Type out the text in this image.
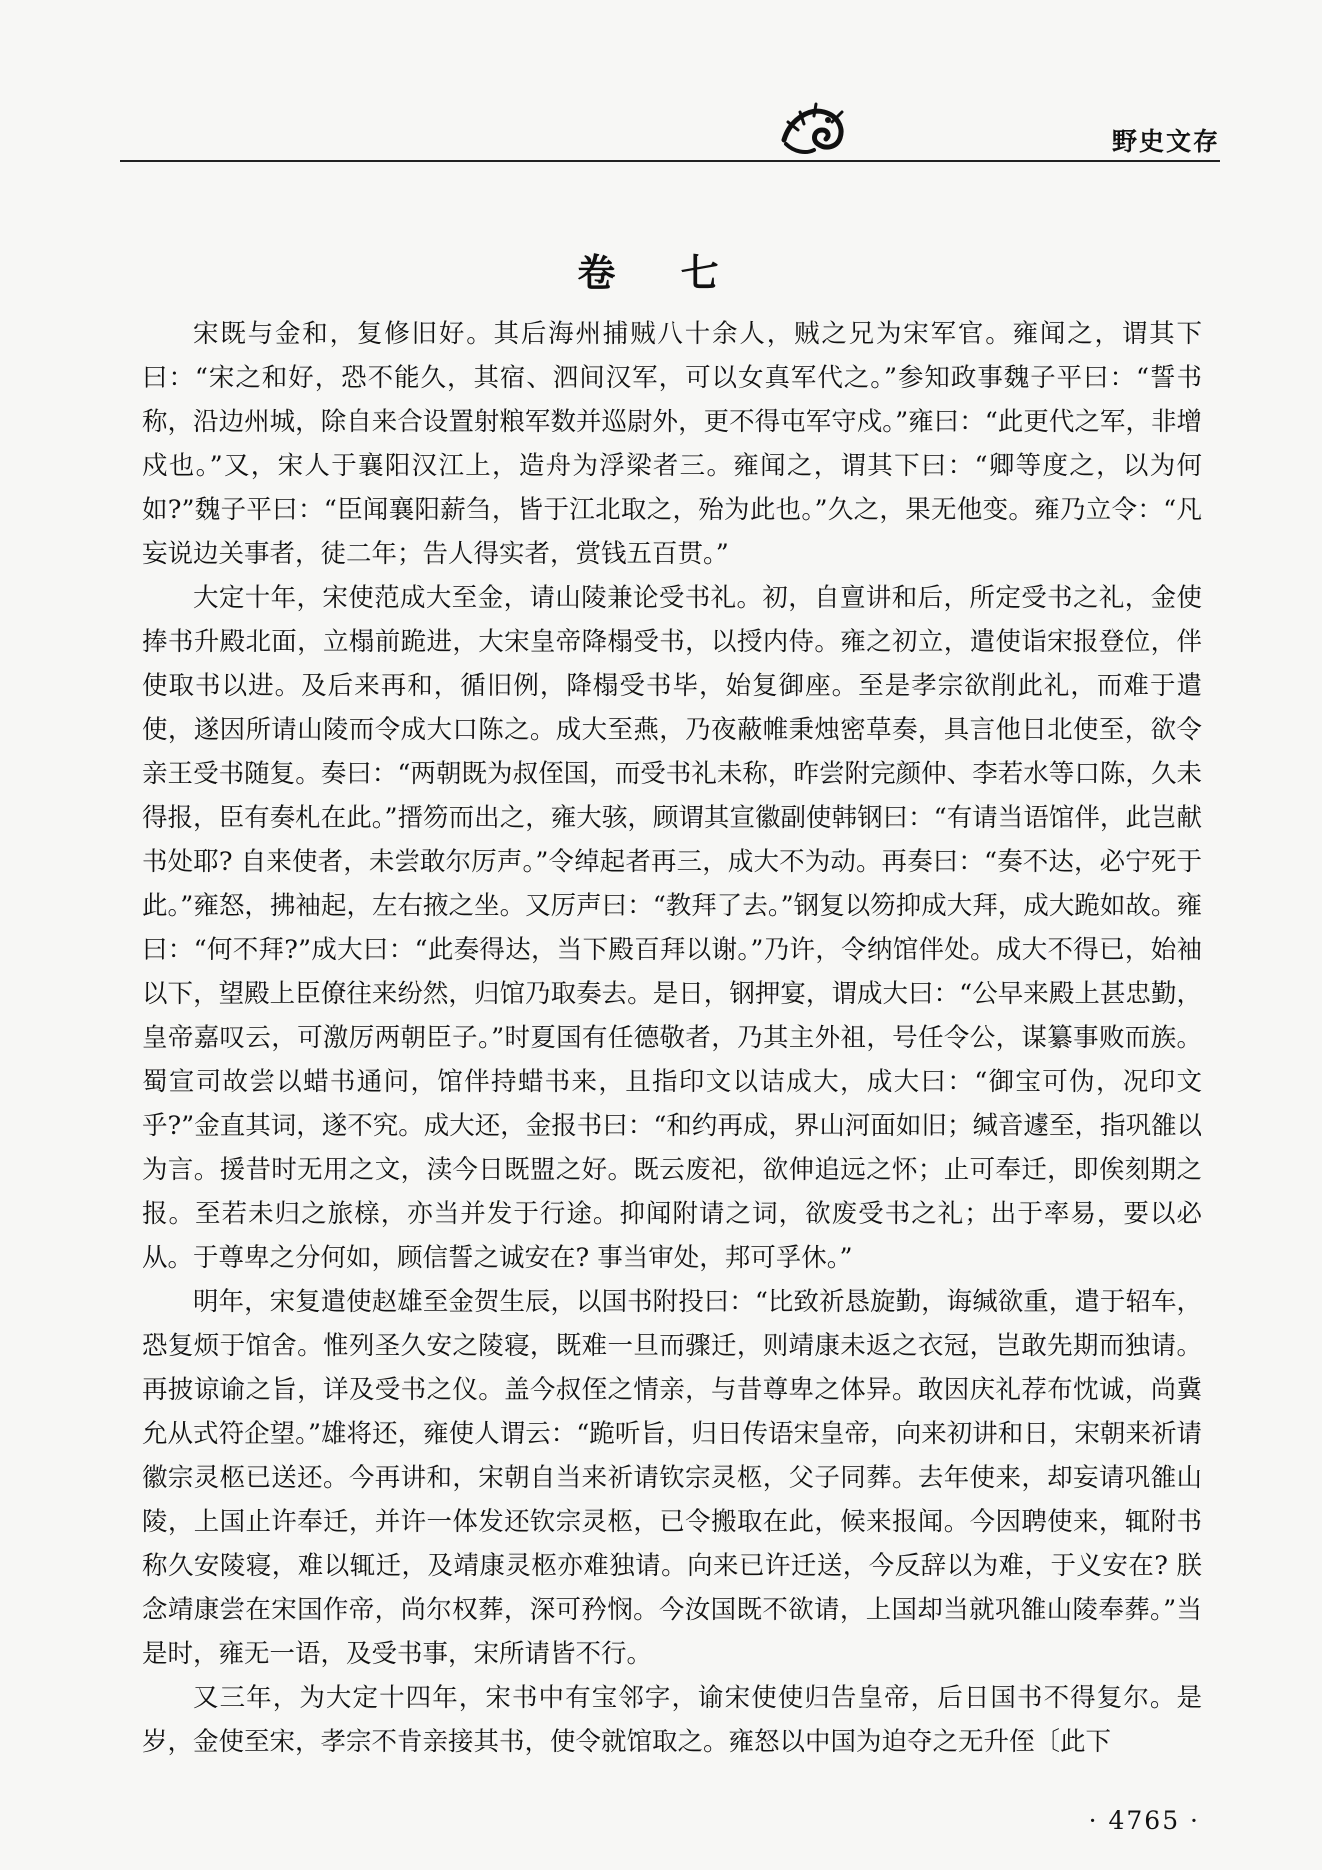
野史文存
卷 七

宋既与金和，复修旧好。其后海州捕贼八十余人，贼之兄为宋军官。雍闻之，谓其下曰：“宋之和好，恐不能久，其宿、泗间汉军，可以女真军代之。”参知政事魏子平曰：“誓书称，沿边州城，除自来合设置射粮军数并巡尉外，更不得屯军守戍。”雍曰：“此更代之军，非增戍也。”又，宋人于襄阳汉江上，造舟为浮梁者三。雍闻之，谓其下曰：“卿等度之，以为何如?”魏子平曰：“臣闻襄阳薪刍，皆于江北取之，殆为此也。”久之，果无他变。雍乃立令：“凡妄说边关事者，徒二年；告人得实者，赏钱五百贯。”

大定十年，宋使范成大至金，请山陵兼论受书礼。初，自亶讲和后，所定受书之礼，金使捧书升殿北面，立榻前跪进，大宋皇帝降榻受书，以授内侍。雍之初立，遣使诣宋报登位，伴使取书以进。及后来再和，循旧例，降榻受书毕，始复御座。至是孝宗欲削此礼，而难于遣使，遂因所请山陵而令成大口陈之。成大至燕，乃夜蔽帷秉烛密草奏，具言他日北使至，欲令亲王受书随复。奏曰：“两朝既为叔侄国，而受书礼未称，昨尝附完颜仲、李若水等口陈，久未得报，臣有奏札在此。”搢笏而出之，雍大骇，顾谓其宣徽副使韩钢曰：“有请当语馆伴，此岂献书处耶? 自来使者，未尝敢尔厉声。”令绰起者再三，成大不为动。再奏曰：“奏不达，必宁死于此。”雍怒，拂袖起，左右掖之坐。又厉声曰：“教拜了去。”钢复以笏抑成大拜，成大跪如故。雍曰：“何不拜?”成大曰：“此奏得达，当下殿百拜以谢。”乃许，令纳馆伴处。成大不得已，始袖以下，望殿上臣僚往来纷然，归馆乃取奏去。是日，钢押宴，谓成大曰：“公早来殿上甚忠勤，皇帝嘉叹云，可激厉两朝臣子。”时夏国有任德敬者，乃其主外祖，号任令公，谋纂事败而族。蜀宣司故尝以蜡书通问，馆伴持蜡书来，且指印文以诘成大，成大曰：“御宝可伪，况印文乎?”金直其词，遂不究。成大还，金报书曰：“和约再成，界山河面如旧；缄音遽至，指巩雒以为言。援昔时无用之文，渎今日既盟之好。既云废祀，欲伸追远之怀；止可奉迁，即俟刻期之报。至若未归之旅榇，亦当并发于行途。抑闻附请之词，欲废受书之礼；出于率易，要以必从。于尊卑之分何如，顾信誓之诚安在? 事当审处，邦可孚休。”

明年，宋复遣使赵雄至金贺生辰，以国书附投曰：“比致祈恳旋勤，诲缄欲重，遣于轺车，恐复烦于馆舍。惟列圣久安之陵寝，既难一旦而骤迁，则靖康未返之衣冠，岂敢先期而独请。再披谅谕之旨，详及受书之仪。盖今叔侄之情亲，与昔尊卑之体异。敢因庆礼荐布忱诚，尚冀允从式符企望。”雄将还，雍使人谓云：“跪听旨，归日传语宋皇帝，向来初讲和日，宋朝来祈请徽宗灵柩已送还。今再讲和，宋朝自当来祈请钦宗灵柩，父子同葬。去年使来，却妄请巩雒山陵，上国止许奉迁，并许一体发还钦宗灵柩，已令搬取在此，候来报闻。今因聘使来，辄附书称久安陵寝，难以辄迁，及靖康灵柩亦难独请。向来已许迁送，今反辞以为难，于义安在? 朕念靖康尝在宋国作帝，尚尔权葬，深可矜悯。今汝国既不欲请，上国却当就巩雒山陵奉葬。”当是时，雍无一语，及受书事，宋所请皆不行。

又三年，为大定十四年，宋书中有宝邻字，谕宋使使归告皇帝，后日国书不得复尔。是岁，金使至宋，孝宗不肯亲接其书，使令就馆取之。雍怒以中国为迫夺之无升侄〔此下

· 4765 ·
